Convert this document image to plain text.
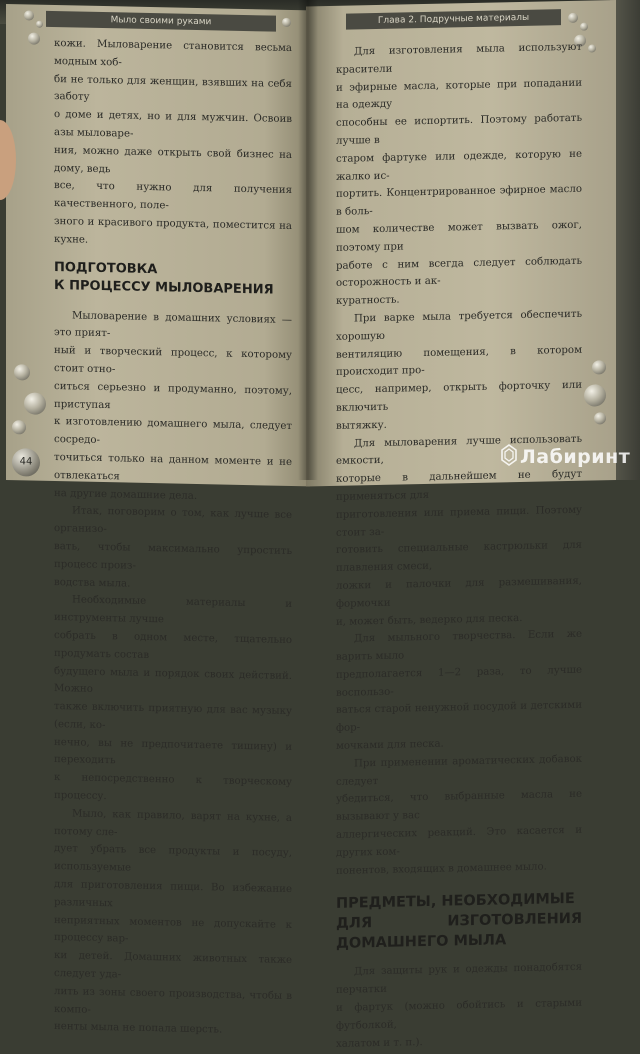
Мыло своими руками

кожи. Мыловарение становится весьма модным хоб-
би не только для женщин, взявших на себя заботу
о доме и детях, но и для мужчин. Освоив азы мыловаре-
ния, можно даже открыть свой бизнес на дому, ведь
все, что нужно для получения качественного, поле-
зного и красивого продукта, поместится на кухне.

ПОДГОТОВКА
К ПРОЦЕССУ МЫЛОВАРЕНИЯ

Мыловарение в домашних условиях — это прият-
ный и творческий процесс, к которому стоит отно-
ситься серьезно и продуманно, поэтому, приступая
к изготовлению домашнего мыла, следует сосредо-
точиться только на данном моменте и не отвлекаться
на другие домашние дела.

Итак, поговорим о том, как лучше все организо-
вать, чтобы максимально упростить процесс произ-
водства мыла.

Необходимые материалы и инструменты лучше
собрать в одном месте, тщательно продумать состав
будущего мыла и порядок своих действий. Можно
также включить приятную для вас музыку (если, ко-
нечно, вы не предпочитаете тишину) и переходить
к непосредственно к творческому процессу.

Мыло, как правило, варят на кухне, а потому сле-
дует убрать все продукты и посуду, используемые
для приготовления пищи. Во избежание различных
неприятных моментов не допускайте к процессу вар-
ки детей. Домашних животных также следует уда-
лить из зоны своего производства, чтобы в компо-
ненты мыла не попала шерсть.

44
Глава 2. Подручные материалы

Для изготовления мыла используют красители
и эфирные масла, которые при попадании на одежду
способны ее испортить. Поэтому работать лучше в
старом фартуке или одежде, которую не жалко ис-
портить. Концентрированное эфирное масло в боль-
шом количестве может вызвать ожог, поэтому при
работе с ним всегда следует соблюдать осторожность и ак-
куратность.

При варке мыла требуется обеспечить хорошую
вентиляцию помещения, в котором происходит про-
цесс, например, открыть форточку или включить
вытяжку.

Для мыловарения лучше использовать емкости,
которые в дальнейшем не будут применяться для
приготовления или приема пищи. Поэтому стоит за-
готовить специальные кастрюльки для плавления смеси,
ложки и палочки для размешивания, формочки
и, может быть, ведерко для песка.

Для мыльного творчества. Если же варить мыло
предполагается 1—2 раза, то лучше воспользо-
ваться старой ненужной посудой и детскими фор-
мочками для песка.

При применении ароматических добавок следует
убедиться, что выбранные масла не вызывают у вас
аллергических реакций. Это касается и других ком-
понентов, входящих в домашнее мыло.

ПРЕДМЕТЫ, НЕОБХОДИМЫЕ
ДЛЯ ИЗГОТОВЛЕНИЯ ДОМАШНЕГО МЫЛА

Для защиты рук и одежды понадобятся перчатки
и фартук (можно обойтись и старыми футболкой,
халатом и т. п.).

Лабиринт
